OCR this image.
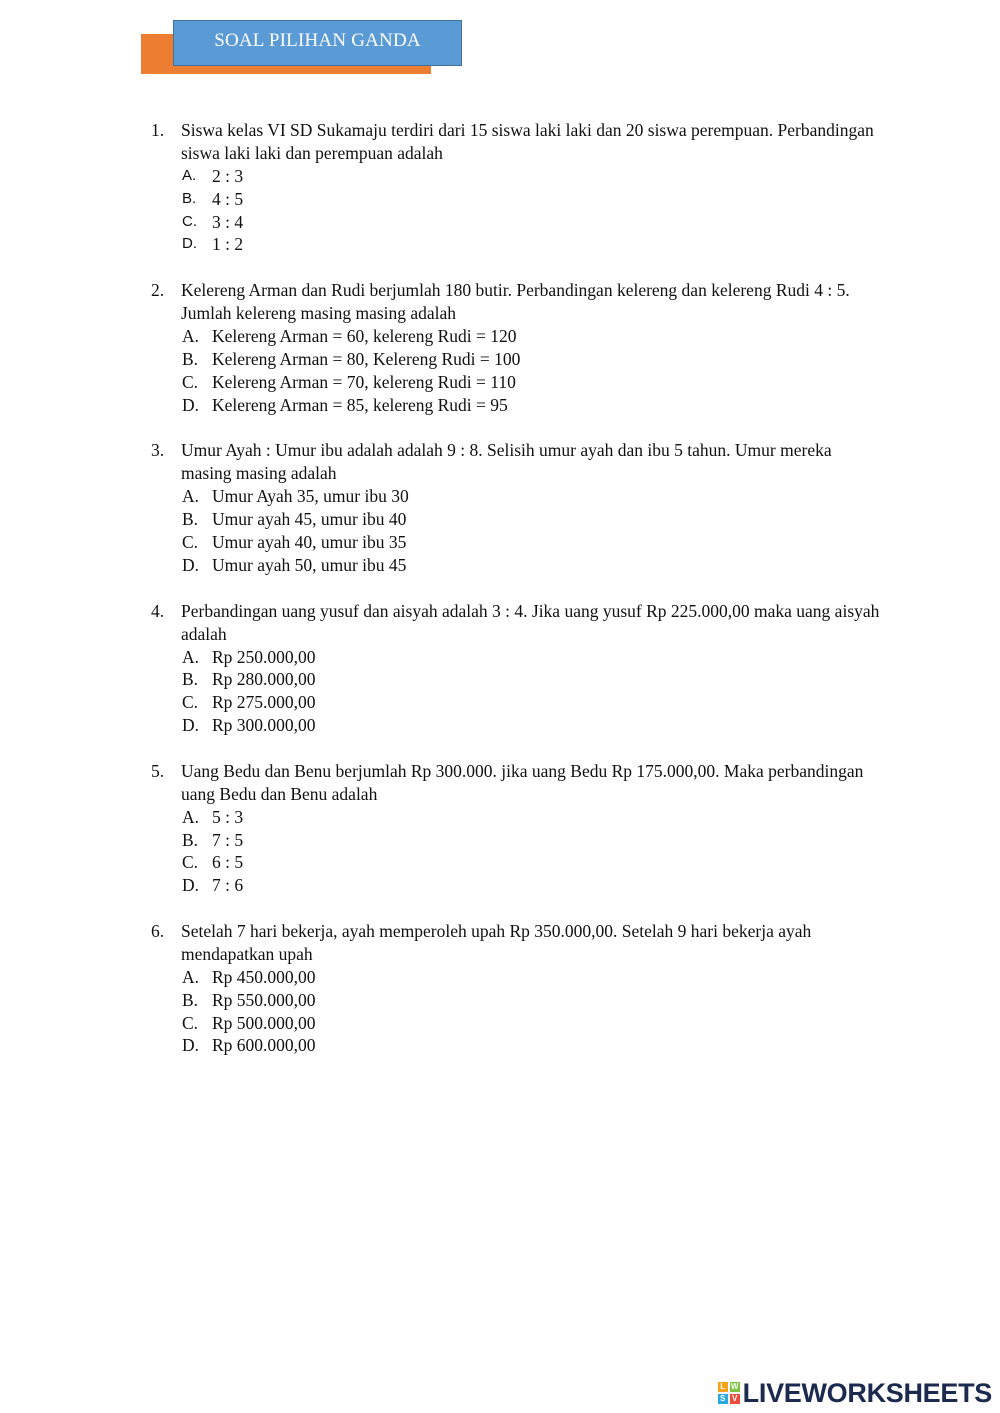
SOAL PILIHAN GANDA
1. Siswa kelas VI SD Sukamaju terdiri dari 15 siswa laki laki dan 20 siswa perempuan. Perbandingan siswa laki laki dan perempuan adalah
A. 2 : 3
B. 4 : 5
C. 3 : 4
D. 1 : 2
2. Kelereng Arman dan Rudi berjumlah 180 butir. Perbandingan kelereng dan kelereng Rudi 4 : 5. Jumlah kelereng masing masing adalah
A. Kelereng Arman = 60, kelereng Rudi = 120
B. Kelereng Arman = 80, Kelereng Rudi = 100
C. Kelereng Arman = 70, kelereng Rudi = 110
D. Kelereng Arman = 85, kelereng Rudi = 95
3. Umur Ayah : Umur ibu adalah adalah 9 : 8. Selisih umur ayah dan ibu 5 tahun. Umur mereka masing masing adalah
A. Umur Ayah 35, umur ibu 30
B. Umur ayah 45, umur ibu 40
C. Umur ayah 40, umur ibu 35
D. Umur ayah 50, umur ibu 45
4. Perbandingan uang yusuf dan aisyah adalah 3 : 4. Jika uang yusuf Rp 225.000,00 maka uang aisyah adalah
A. Rp 250.000,00
B. Rp 280.000,00
C. Rp 275.000,00
D. Rp 300.000,00
5. Uang Bedu dan Benu berjumlah Rp 300.000. jika uang Bedu Rp 175.000,00. Maka perbandingan uang Bedu dan Benu adalah
A. 5 : 3
B. 7 : 5
C. 6 : 5
D. 7 : 6
6. Setelah 7 hari bekerja, ayah memperoleh upah Rp 350.000,00. Setelah 9 hari bekerja ayah mendapatkan upah
A. Rp 450.000,00
B. Rp 550.000,00
C. Rp 500.000,00
D. Rp 600.000,00
L W
S V LIVEWORKSHEETS
